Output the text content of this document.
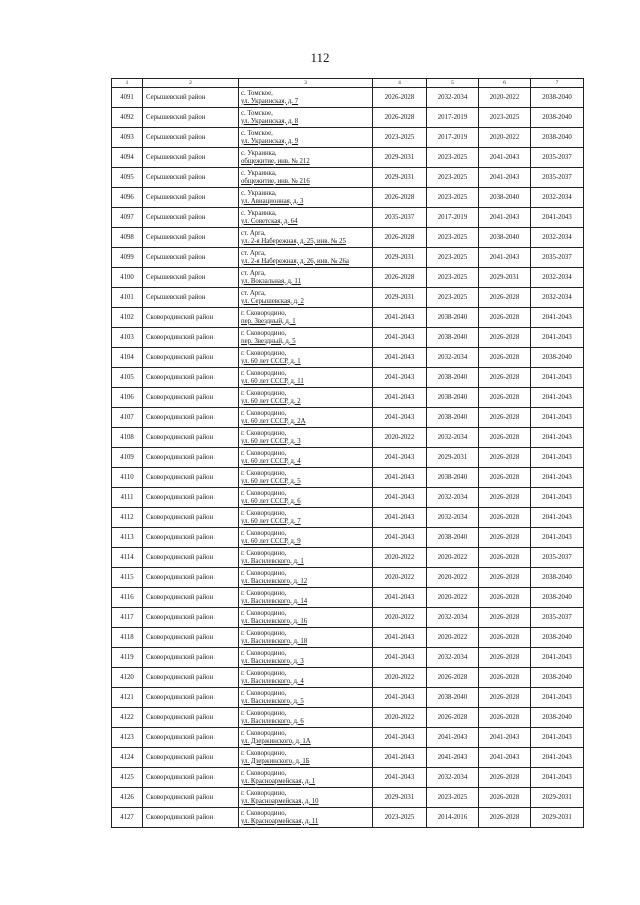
112
1	2	3	4	5	6	7
4091	Серышевский район	с. Томское,
ул. Украинская, д. 7	2026-2028	2032-2034	2020-2022	2038-2040
4092	Серышевский район	с. Томское,
ул. Украинская, д. 8	2026-2028	2017-2019	2023-2025	2038-2040
4093	Серышевский район	с. Томское,
ул. Украинская, д. 9	2023-2025	2017-2019	2020-2022	2038-2040
4094	Серышевский район	с. Украинка,
общежитие, инв. № 212	2029-2031	2023-2025	2041-2043	2035-2037
4095	Серышевский район	с. Украинка,
общежитие, инв. № 216	2029-2031	2023-2025	2041-2043	2035-2037
4096	Серышевский район	с. Украинка,
ул. Авиационная, д. 3	2026-2028	2023-2025	2038-2040	2032-2034
4097	Серышевский район	с. Украинка,
ул. Советская, д. 64	2035-2037	2017-2019	2041-2043	2041-2043
4098	Серышевский район	ст. Арга,
ул. 2-я Набережная, д. 25, инв. № 25	2026-2028	2023-2025	2038-2040	2032-2034
4099	Серышевский район	ст. Арга,
ул. 2-я Набережная, д. 26, инв. № 26а	2029-2031	2023-2025	2041-2043	2035-2037
4100	Серышевский район	ст. Арга,
ул. Вокзальная, д. 11	2026-2028	2023-2025	2029-2031	2032-2034
4101	Серышевский район	ст. Арга,
ул. Серышевская, д. 2	2029-2031	2023-2025	2026-2028	2032-2034
4102	Сковородинский район	г. Сковородино,
пер. Звездный, д. 1	2041-2043	2038-2040	2026-2028	2041-2043
4103	Сковородинский район	г. Сковородино,
пер. Звездный, д. 5	2041-2043	2038-2040	2026-2028	2041-2043
4104	Сковородинский район	г. Сковородино,
ул. 60 лет СССР, д. 1	2041-2043	2032-2034	2026-2028	2038-2040
4105	Сковородинский район	г. Сковородино,
ул. 60 лет СССР, д. 11	2041-2043	2038-2040	2026-2028	2041-2043
4106	Сковородинский район	г. Сковородино,
ул. 60 лет СССР, д. 2	2041-2043	2038-2040	2026-2028	2041-2043
4107	Сковородинский район	г. Сковородино,
ул. 60 лет СССР, д. 2А	2041-2043	2038-2040	2026-2028	2041-2043
4108	Сковородинский район	г. Сковородино,
ул. 60 лет СССР, д. 3	2020-2022	2032-2034	2026-2028	2041-2043
4109	Сковородинский район	г. Сковородино,
ул. 60 лет СССР, д. 4	2041-2043	2029-2031	2026-2028	2041-2043
4110	Сковородинский район	г. Сковородино,
ул. 60 лет СССР, д. 5	2041-2043	2038-2040	2026-2028	2041-2043
4111	Сковородинский район	г. Сковородино,
ул. 60 лет СССР, д. 6	2041-2043	2032-2034	2026-2028	2041-2043
4112	Сковородинский район	г. Сковородино,
ул. 60 лет СССР, д. 7	2041-2043	2032-2034	2026-2028	2041-2043
4113	Сковородинский район	г. Сковородино,
ул. 60 лет СССР, д. 9	2041-2043	2038-2040	2026-2028	2041-2043
4114	Сковородинский район	г. Сковородино,
ул. Василевского, д. 1	2020-2022	2020-2022	2026-2028	2035-2037
4115	Сковородинский район	г. Сковородино,
ул. Василевского, д. 12	2020-2022	2020-2022	2026-2028	2038-2040
4116	Сковородинский район	г. Сковородино,
ул. Василевского, д. 14	2041-2043	2020-2022	2026-2028	2038-2040
4117	Сковородинский район	г. Сковородино,
ул. Василевского, д. 16	2020-2022	2032-2034	2026-2028	2035-2037
4118	Сковородинский район	г. Сковородино,
ул. Василевского, д. 18	2041-2043	2020-2022	2026-2028	2038-2040
4119	Сковородинский район	г. Сковородино,
ул. Василевского, д. 3	2041-2043	2032-2034	2026-2028	2041-2043
4120	Сковородинский район	г. Сковородино,
ул. Василевского, д. 4	2020-2022	2026-2028	2026-2028	2038-2040
4121	Сковородинский район	г. Сковородино,
ул. Василевского, д. 5	2041-2043	2038-2040	2026-2028	2041-2043
4122	Сковородинский район	г. Сковородино,
ул. Василевского, д. 6	2020-2022	2026-2028	2026-2028	2038-2040
4123	Сковородинский район	г. Сковородино,
ул. Дзержинского, д. 1А	2041-2043	2041-2043	2041-2043	2041-2043
4124	Сковородинский район	г. Сковородино,
ул. Дзержинского, д. 1Б	2041-2043	2041-2043	2041-2043	2041-2043
4125	Сковородинский район	г. Сковородино,
ул. Красноармейская, д. 1	2041-2043	2032-2034	2026-2028	2041-2043
4126	Сковородинский район	г. Сковородино,
ул. Красноармейская, д. 10	2029-2031	2023-2025	2026-2028	2029-2031
4127	Сковородинский район	г. Сковородино,
ул. Красноармейская, д. 11	2023-2025	2014-2016	2026-2028	2029-2031
